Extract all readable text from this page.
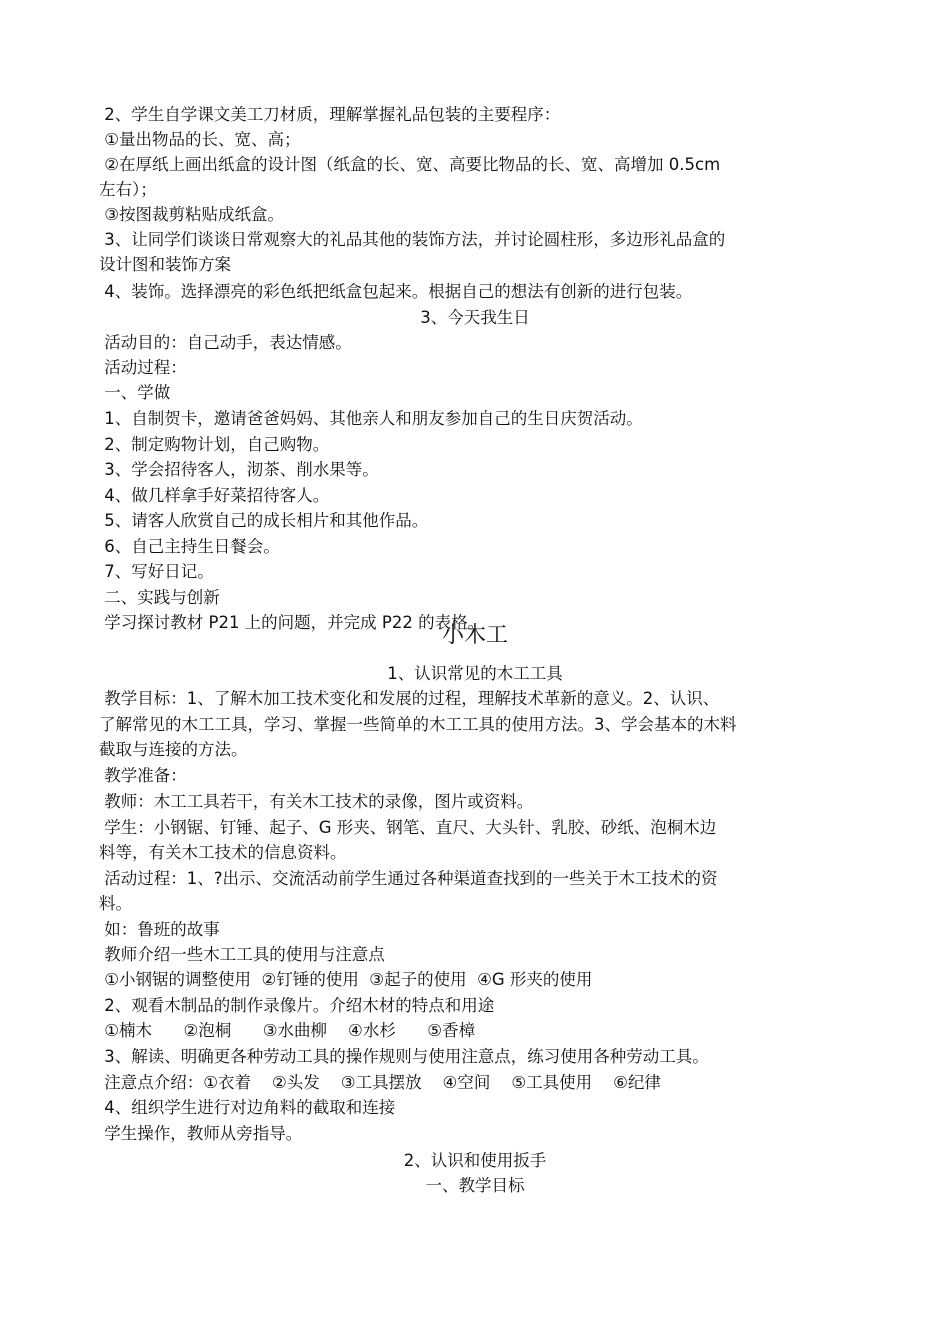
2、学生自学课文美工刀材质，理解掌握礼品包装的主要程序：
①量出物品的长、宽、高；
②在厚纸上画出纸盒的设计图（纸盒的长、宽、高要比物品的长、宽、高增加 0.5cm
左右）；
③按图裁剪粘贴成纸盒。
3、让同学们谈谈日常观察大的礼品其他的装饰方法，并讨论圆柱形，多边形礼品盒的
设计图和装饰方案
4、装饰。选择漂亮的彩色纸把纸盒包起来。根据自己的想法有创新的进行包装。
3、今天我生日
活动目的：自己动手，表达情感。
活动过程：
一、学做
1、自制贺卡，邀请爸爸妈妈、其他亲人和朋友参加自己的生日庆贺活动。
2、制定购物计划，自己购物。
3、学会招待客人，沏茶、削水果等。
4、做几样拿手好菜招待客人。
5、请客人欣赏自己的成长相片和其他作品。
6、自己主持生日餐会。
7、写好日记。
二、实践与创新
学习探讨教材 P21 上的问题，并完成 P22 的表格。
小木工
1、认识常见的木工工具
教学目标：1、了解木加工技术变化和发展的过程，理解技术革新的意义。2、认识、
了解常见的木工工具，学习、掌握一些简单的木工工具的使用方法。3、学会基本的木料
截取与连接的方法。
教学准备：
教师：木工工具若干，有关木工技术的录像，图片或资料。
学生：小钢锯、钉锤、起子、G 形夹、钢笔、直尺、大头针、乳胶、砂纸、泡桐木边
料等，有关木工技术的信息资料。
活动过程：1、?出示、交流活动前学生通过各种渠道查找到的一些关于木工技术的资
料。
如：鲁班的故事
教师介绍一些木工工具的使用与注意点
①小钢锯的调整使用  ②钉锤的使用  ③起子的使用  ④G 形夹的使用
2、观看木制品的制作录像片。介绍木材的特点和用途
①楠木      ②泡桐      ③水曲柳    ④水杉      ⑤香樟
3、解读、明确更各种劳动工具的操作规则与使用注意点，练习使用各种劳动工具。
注意点介绍：①衣着    ②头发    ③工具摆放    ④空间    ⑤工具使用    ⑥纪律
4、组织学生进行对边角料的截取和连接
学生操作，教师从旁指导。
2、认识和使用扳手
一、教学目标
